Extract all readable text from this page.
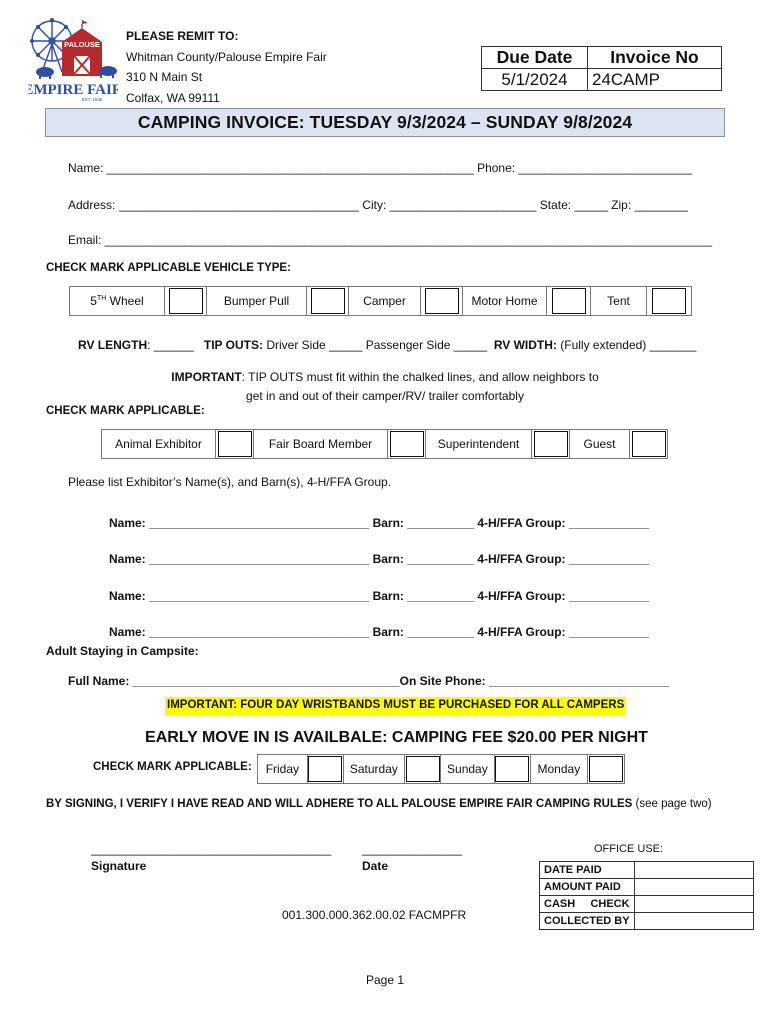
PALOUSE
EMPIRE FAIR
EST. 1945
PLEASE REMIT TO:
Whitman County/Palouse Empire Fair
310 N Main St
Colfax, WA 99111
Due Date	Invoice No
5/1/2024	24CAMP
CAMPING INVOICE: TUESDAY 9/3/2024 – SUNDAY 9/8/2024
Name: _______________________________________________________ Phone: __________________________
Address: ____________________________________ City: ______________________ State: _____ Zip: ________
Email: ___________________________________________________________________________________________
CHECK MARK APPLICABLE VEHICLE TYPE:
5TH Wheel	Bumper Pull	Camper	Motor Home	Tent
RV LENGTH: ______ TIP OUTS: Driver Side _____ Passenger Side _____ RV WIDTH: (Fully extended) _______
IMPORTANT: TIP OUTS must fit within the chalked lines, and allow neighbors to
get in and out of their camper/RV/ trailer comfortably
CHECK MARK APPLICABLE:
Animal Exhibitor	Fair Board Member	Superintendent	Guest
Please list Exhibitor’s Name(s), and Barn(s), 4-H/FFA Group.
Name: _________________________________ Barn: __________ 4-H/FFA Group: ____________
Name: _________________________________ Barn: __________ 4-H/FFA Group: ____________
Name: _________________________________ Barn: __________ 4-H/FFA Group: ____________
Name: _________________________________ Barn: __________ 4-H/FFA Group: ____________
Adult Staying in Campsite:
Full Name: ________________________________________On Site Phone: ___________________________
IMPORTANT: FOUR DAY WRISTBANDS MUST BE PURCHASED FOR ALL CAMPERS
EARLY MOVE IN IS AVAILBALE: CAMPING FEE $20.00 PER NIGHT
CHECK MARK APPLICABLE:	Friday	Saturday	Sunday	Monday
BY SIGNING, I VERIFY I HAVE READ AND WILL ADHERE TO ALL PALOUSE EMPIRE FAIR CAMPING RULES (see page two)
____________________________________
Signature
_______________
Date
OFFICE USE:
DATE PAID	
AMOUNT PAID	
CASH     CHECK	
COLLECTED BY	
001.300.000.362.00.02 FACMPFR
Page 1
